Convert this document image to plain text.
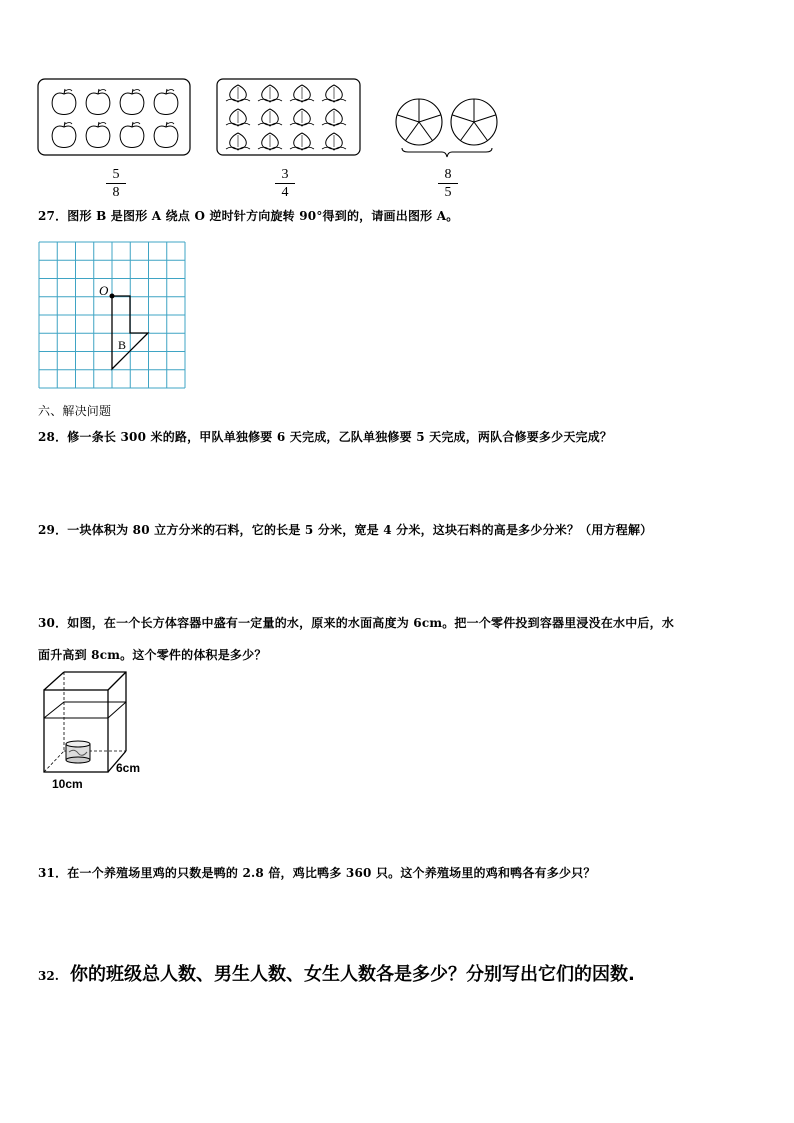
5
8
3
4
8
5
27．图形 B 是图形 A 绕点 O 逆时针方向旋转 90°得到的，请画出图形 A。
O
B
六、解决问题
28．修一条长 300 米的路，甲队单独修要 6 天完成，乙队单独修要 5 天完成，两队合修要多少天完成？
29．一块体积为 80 立方分米的石料，它的长是 5 分米，宽是 4 分米，这块石料的高是多少分米？（用方程解）
30．如图，在一个长方体容器中盛有一定量的水，原来的水面高度为 6cm。把一个零件投到容器里浸没在水中后，水
面升高到 8cm。这个零件的体积是多少？
6cm
10cm
31．在一个养殖场里鸡的只数是鸭的 2.8 倍，鸡比鸭多 360 只。这个养殖场里的鸡和鸭各有多少只？
32. 你的班级总人数、男生人数、女生人数各是多少？分别写出它们的因数.
